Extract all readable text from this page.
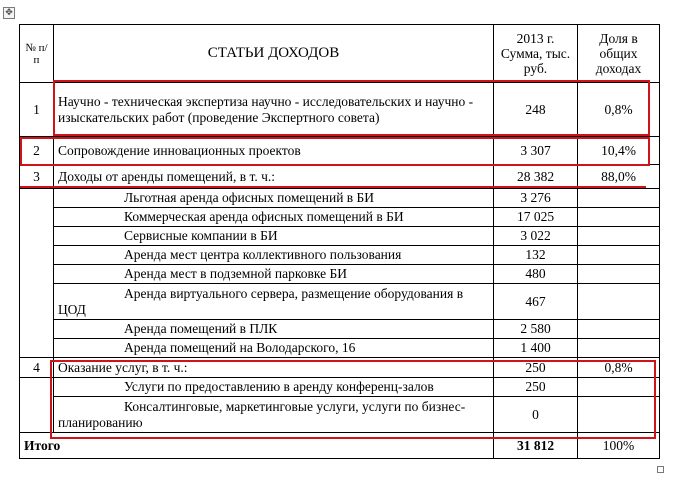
✥
№ п/п	СТАТЬИ ДОХОДОВ	2013 г. Сумма, тыс. руб.	Доля в общих доходах
1	Научно - техническая экспертиза научно - исследовательских и научно - изыскательских работ (проведение Экспертного совета)	248	0,8%
2	Сопровождение инновационных проектов	3 307	10,4%
3	Доходы от аренды помещений, в т. ч.:	28 382	88,0%
	Льготная аренда офисных помещений в БИ	3 276	
	Коммерческая аренда офисных помещений в БИ	17 025	
	Сервисные компании в БИ	3 022	
	Аренда мест центра коллективного пользования	132	
	Аренда мест в подземной парковке БИ	480	
	Аренда виртуального сервера, размещение оборудования в ЦОД	467	
	Аренда помещений в ПЛК	2 580	
	Аренда помещений на Володарского, 16	1 400	
4	Оказание услуг, в т. ч.:	250	0,8%
	Услуги по предоставлению в аренду конференц-залов	250	
	Консалтинговые, маркетинговые услуги, услуги по бизнес-планированию	0	
Итого		31 812	100%
